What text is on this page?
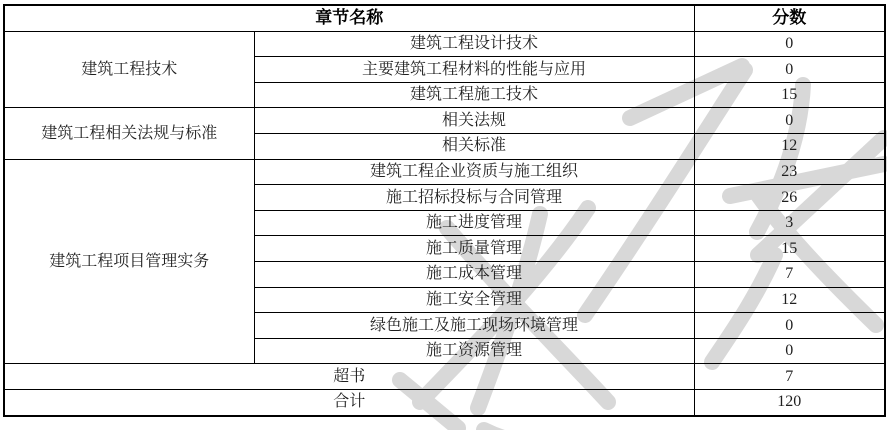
章节名称		分数
建筑工程技术	建筑工程设计技术	0
	主要建筑工程材料的性能与应用	0
	建筑工程施工技术	15
建筑工程相关法规与标准	相关法规	0
	相关标准	12
建筑工程项目管理实务	建筑工程企业资质与施工组织	23
	施工招标投标与合同管理	26
	施工进度管理	3
	施工质量管理	15
	施工成本管理	7
	施工安全管理	12
	绿色施工及施工现场环境管理	0
	施工资源管理	0
超书		7
合计		120
